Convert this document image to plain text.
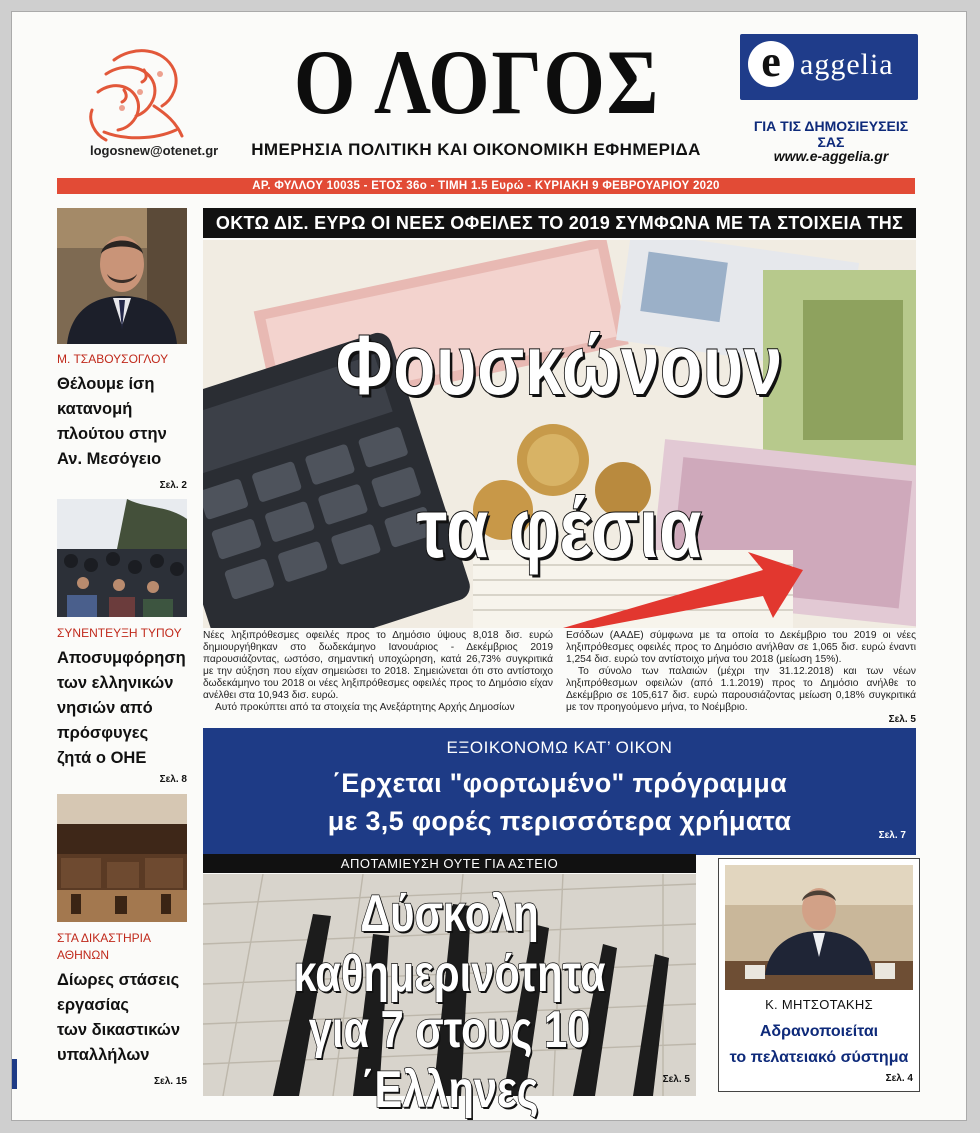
logosnew@otenet.gr
Ο ΛΟΓΟΣ
ΗΜΕΡΗΣΙΑ ΠΟΛΙΤΙΚΗ ΚΑΙ ΟΙΚΟΝΟΜΙΚΗ ΕΦΗΜΕΡΙΔΑ
e aggelia
ΓΙΑ ΤΙΣ ΔΗΜΟΣΙΕΥΣΕΙΣ ΣΑΣ
www.e-aggelia.gr
ΑΡ. ΦΥΛΛΟΥ 10035 - ΕΤΟΣ 36ο - ΤΙΜΗ 1.5 Ευρώ - ΚΥΡΙΑΚΗ 9 ΦΕΒΡΟΥΑΡΙΟΥ 2020
Μ. ΤΣΑΒΟΥΣΟΓΛΟΥ
Θέλουμε ίση
κατανομή
πλούτου στην
Αν. Μεσόγειο
Σελ. 2
ΣΥΝΕΝΤΕΥΞΗ ΤΥΠΟΥ
Αποσυμφόρηση
των ελληνικών
νησιών από
πρόσφυγες
ζητά ο ΟΗΕ
Σελ. 8
ΣΤΑ ΔΙΚΑΣΤΗΡΙΑ
ΑΘΗΝΩΝ
Δίωρες στάσεις
εργασίας
των δικαστικών
υπαλλήλων
Σελ. 15
ΟΚΤΩ ΔΙΣ. ΕΥΡΩ ΟΙ ΝΕΕΣ ΟΦΕΙΛΕΣ ΤΟ 2019 ΣΥΜΦΩΝΑ ΜΕ ΤΑ ΣΤΟΙΧΕΙΑ ΤΗΣ
Φουσκώνουν
τα φέσια
Νέες ληξιπρόθεσμες οφειλές προς το Δημόσιο ύψους 8,018 δισ. ευρώ δημιουργήθηκαν στο δωδεκάμηνο Ιανουάριος - Δεκέμβριος 2019 παρουσιάζοντας, ωστόσο, σημαντική υποχώρηση, κατά 26,73% συγκριτικά με την αύξηση που είχαν σημειώσει το 2018. Σημειώνεται ότι στο αντίστοιχο δωδεκάμηνο του 2018 οι νέες ληξιπρόθεσμες οφειλές προς το Δημόσιο είχαν ανέλθει στα 10,943 δισ. ευρώ.
Αυτό προκύπτει από τα στοιχεία της Ανεξάρτητης Αρχής Δημοσίων
Εσόδων (ΑΑΔΕ) σύμφωνα με τα οποία το Δεκέμβριο του 2019 οι νέες ληξιπρόθεσμες οφειλές προς το Δημόσιο ανήλθαν σε 1,065 δισ. ευρώ έναντι 1,254 δισ. ευρώ τον αντίστοιχο μήνα του 2018 (μείωση 15%).
Το σύνολο των παλαιών (μέχρι την 31.12.2018) και των νέων ληξιπρόθεσμων οφειλών (από 1.1.2019) προς το Δημόσιο ανήλθε το Δεκέμβριο σε 105,617 δισ. ευρώ παρουσιάζοντας μείωση 0,18% συγκριτικά με τον προηγούμενο μήνα, το Νοέμβριο.
Σελ. 5
ΕΞΟΙΚΟΝΟΜΩ ΚΑΤ’ ΟΙΚΟΝ
΄Ερχεται "φορτωμένο" πρόγραμμα
με 3,5 φορές περισσότερα χρήματα	Σελ. 7
ΑΠΟΤΑΜΙΕΥΣΗ ΟΥΤΕ ΓΙΑ ΑΣΤΕΙΟ
Δύσκολη καθημερινότητα
για 7 στους 10 ΄Ελληνες	Σελ. 5
Κ. ΜΗΤΣΟΤΑΚΗΣ
Αδρανοποιείται
το πελατειακό σύστημα
Σελ. 4
